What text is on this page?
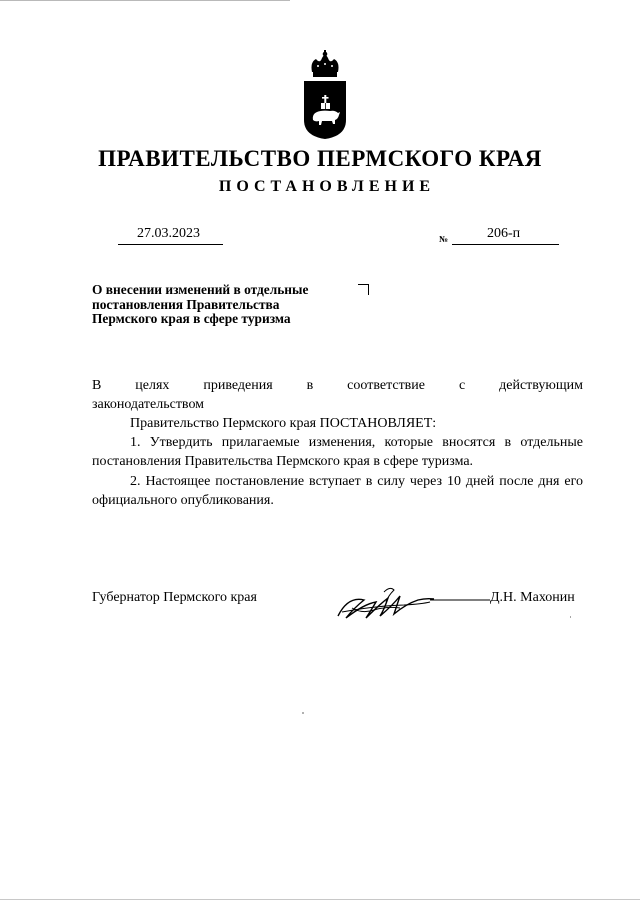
ПРАВИТЕЛЬСТВО ПЕРМСКОГО КРАЯ
ПОСТАНОВЛЕНИЕ
27.03.2023	№	206-п
О внесении изменений в отдельные
постановления Правительства
Пермского края в сфере туризма
В целях приведения в соответствие с действующим
законодательством
Правительство Пермского края ПОСТАНОВЛЯЕТ:
1. Утвердить прилагаемые изменения, которые вносятся в отдельные постановления Правительства Пермского края в сфере туризма.
2. Настоящее постановление вступает в силу через 10 дней после дня его официального опубликования.
Губернатор Пермского края	Д.Н. Махонин
